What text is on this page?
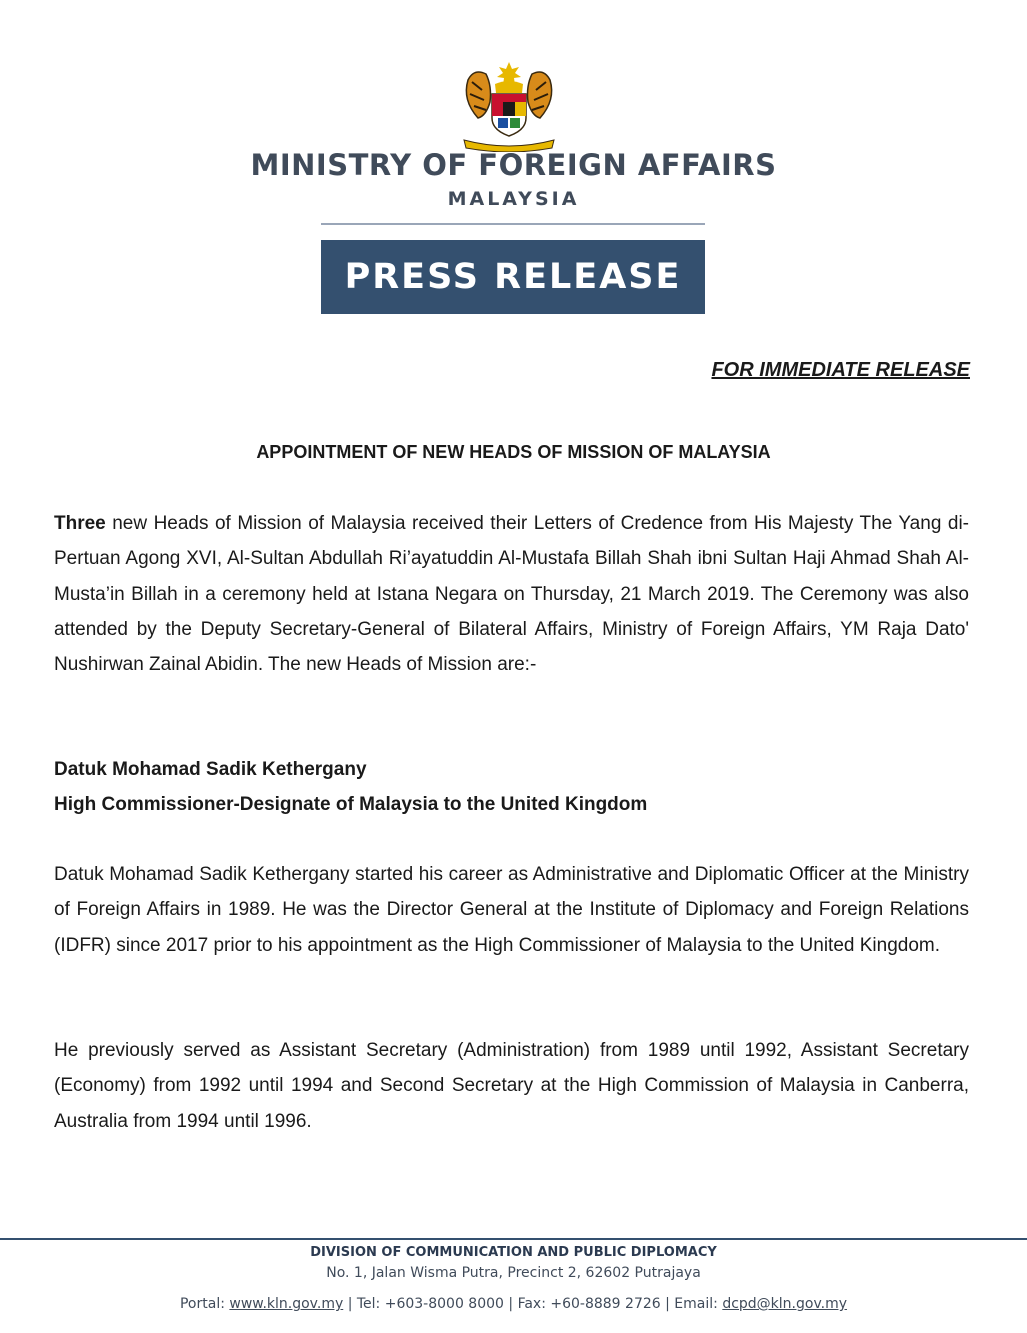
MINISTRY OF FOREIGN AFFAIRS
MALAYSIA
PRESS RELEASE
FOR IMMEDIATE RELEASE
APPOINTMENT OF NEW HEADS OF MISSION OF MALAYSIA

Three new Heads of Mission of Malaysia received their Letters of Credence from His Majesty The Yang di-Pertuan Agong XVI, Al-Sultan Abdullah Ri’ayatuddin Al-Mustafa Billah Shah ibni Sultan Haji Ahmad Shah Al-Musta’in Billah in a ceremony held at Istana Negara on Thursday, 21 March 2019. The Ceremony was also attended by the Deputy Secretary-General of Bilateral Affairs, Ministry of Foreign Affairs, YM Raja Dato' Nushirwan Zainal Abidin. The new Heads of Mission are:-

Datuk Mohamad Sadik Kethergany
High Commissioner-Designate of Malaysia to the United Kingdom

Datuk Mohamad Sadik Kethergany started his career as Administrative and Diplomatic Officer at the Ministry of Foreign Affairs in 1989. He was the Director General at the Institute of Diplomacy and Foreign Relations (IDFR) since 2017 prior to his appointment as the High Commissioner of Malaysia to the United Kingdom.

He previously served as Assistant Secretary (Administration) from 1989 until 1992, Assistant Secretary (Economy) from 1992 until 1994 and Second Secretary at the High Commission of Malaysia in Canberra, Australia from 1994 until 1996.

DIVISION OF COMMUNICATION AND PUBLIC DIPLOMACY
No. 1, Jalan Wisma Putra, Precinct 2, 62602 Putrajaya
Portal: www.kln.gov.my | Tel: +603-8000 8000 | Fax: +60-8889 2726 | Email: dcpd@kln.gov.my
